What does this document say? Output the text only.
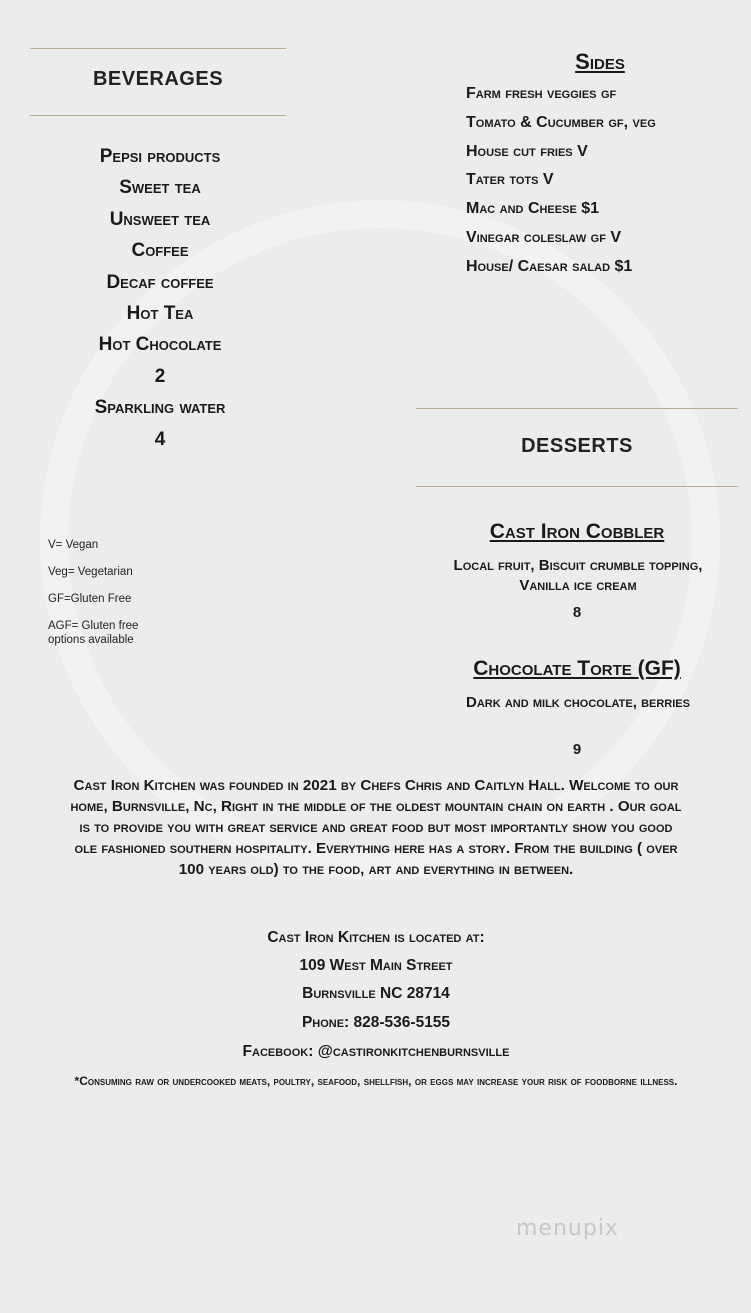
BEVERAGES
Pepsi products
Sweet tea
Unsweet tea
Coffee
Decaf coffee
Hot Tea
Hot Chocolate
2
Sparkling water
4
Sides
Farm fresh veggies gf
Tomato & Cucumber gf, veg
House cut fries V
Tater tots V
Mac and Cheese $1
Vinegar coleslaw gf V
House/ Caesar salad $1
DESSERTS
Cast Iron Cobbler
Local fruit, Biscuit crumble topping, Vanilla ice cream
8
Chocolate Torte (GF)
Dark and milk chocolate, berries
9
V= Vegan
Veg= Vegetarian
GF=Gluten Free
AGF= Gluten free options available
Cast Iron Kitchen was founded in 2021 by Chefs Chris and Caitlyn Hall. Welcome to our home, Burnsville, Nc, Right in the middle of the oldest mountain chain on earth . Our goal is to provide you with great service and great food but most importantly show you good ole fashioned southern hospitality. Everything here has a story. From the building ( over 100 years old) to the food, art and everything in between.
Cast Iron Kitchen is located at:
109 West Main Street
Burnsville NC 28714
Phone: 828-536-5155
Facebook: @castironkitchenburnsville
*Consuming raw or undercooked meats, poultry, seafood, shellfish, or eggs may increase your risk of foodborne illness.
menupix
